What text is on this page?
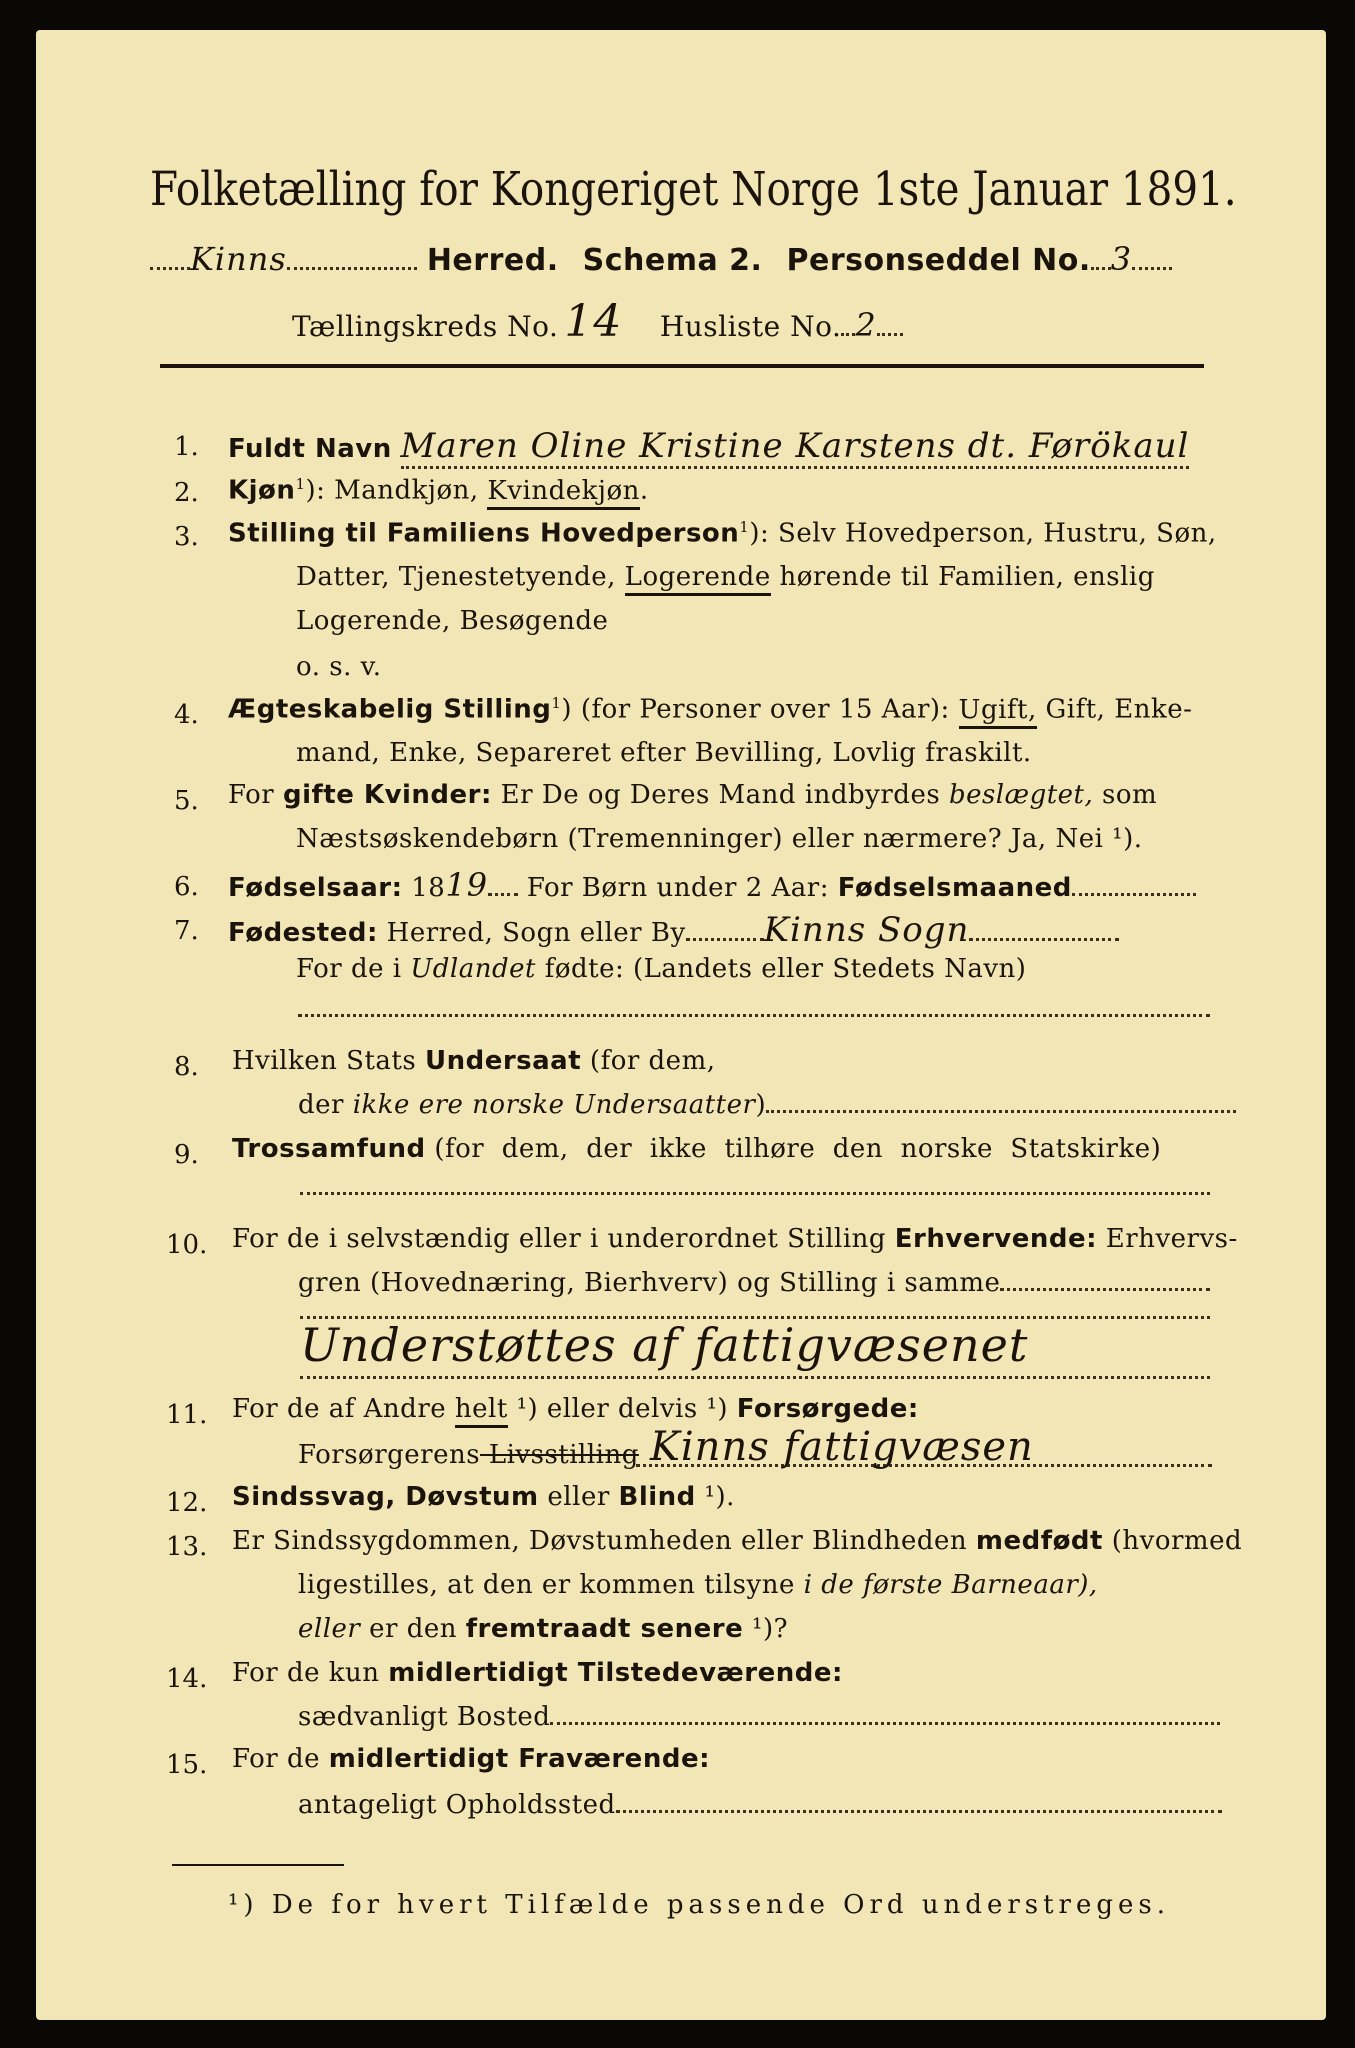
Folketælling for Kongeriget Norge 1ste Januar 1891.
Kinns	Herred. Schema 2. Personseddel No. 3
Tællingskreds No. 14 Husliste No. 2
1. Fuldt Navn Maren Oline Kristine Karstens dt. Førökaul
2. Kjøn$^1$): Mandkjøn, Kvindekjøn.
3. Stilling til Familiens Hovedperson$^1$): Selv Hovedperson, Hustru, Søn,
Datter, Tjenestetyende, Logerende hørende til Familien, enslig
Logerende, Besøgende
o. s. v.
4. Ægteskabelig Stilling$^1$) (for Personer over 15 Aar): Ugift, Gift, Enke-
mand, Enke, Separeret efter Bevilling, Lovlig fraskilt.
5. For gifte Kvinder: Er De og Deres Mand indbyrdes beslægtet, som
Næstsøskendebørn (Tremenninger) eller nærmere? Ja, Nei ¹).
6. Fødselsaar: 1819 For Børn under 2 Aar: Fødselsmaaned
7. Fødested: Herred, Sogn eller By Kinns Sogn
For de i Udlandet fødte: (Landets eller Stedets Navn)
8. Hvilken Stats Undersaat (for dem,
der ikke ere norske Undersaatter)
9. Trossamfund (for  dem,  der  ikke  tilhøre  den  norske  Statskirke)
10. For de i selvstændig eller i underordnet Stilling Erhvervende: Erhvervs-
gren (Hovednæring, Bierhverv) og Stilling i samme
Understøttes af fattigvæsenet
11. For de af Andre helt ¹) eller delvis ¹) Forsørgede:
Forsørgerens Livsstilling Kinns fattigvæsen
12. Sindssvag, Døvstum eller Blind ¹).
13. Er Sindssygdommen, Døvstumheden eller Blindheden medfødt (hvormed
ligestilles, at den er kommen tilsyne i de første Barneaar),
eller er den fremtraadt senere ¹)?
14. For de kun midlertidigt Tilstedeværende:
sædvanligt Bosted
15. For de midlertidigt Fraværende:
antageligt Opholdssted
¹) De for hvert Tilfælde passende Ord understreges.
